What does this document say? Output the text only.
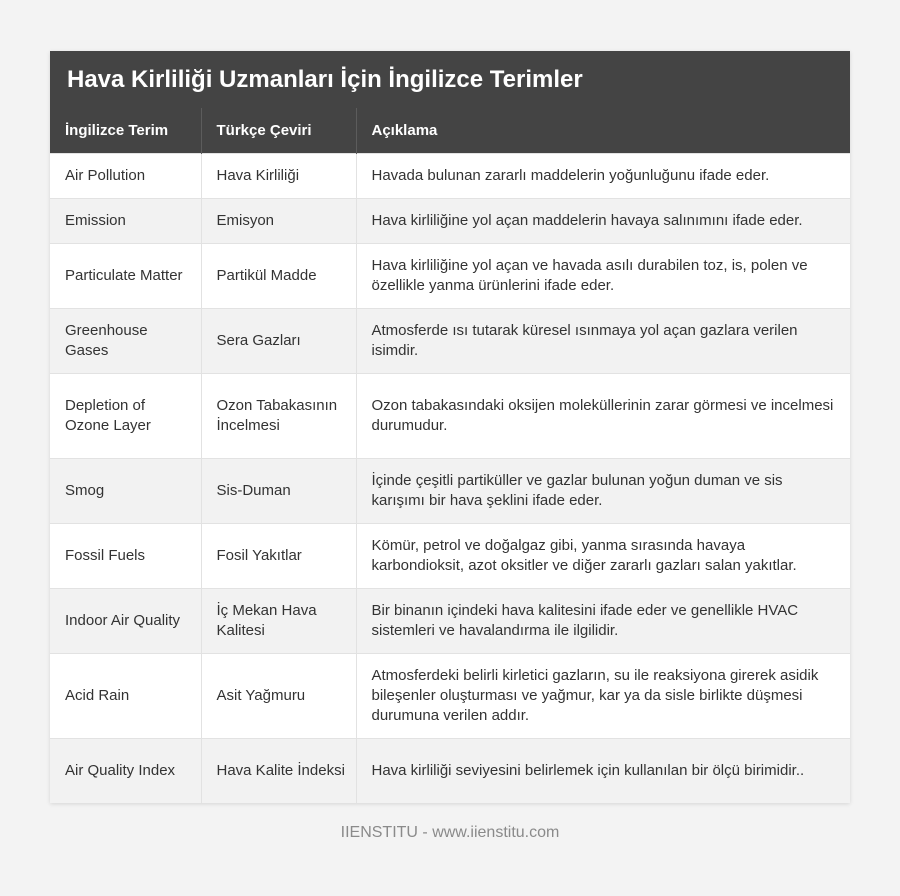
Hava Kirliliği Uzmanları İçin İngilizce Terimler
İngilizce Terim	Türkçe Çeviri	Açıklama
Air Pollution	Hava Kirliliği	Havada bulunan zararlı maddelerin yoğunluğunu ifade eder.
Emission	Emisyon	Hava kirliliğine yol açan maddelerin havaya salınımını ifade eder.
Particulate Matter	Partikül Madde	Hava kirliliğine yol açan ve havada asılı durabilen toz, is, polen ve özellikle yanma ürünlerini ifade eder.
Greenhouse Gases	Sera Gazları	Atmosferde ısı tutarak küresel ısınmaya yol açan gazlara verilen isimdir.
Depletion of Ozone Layer	Ozon Tabakasının İncelmesi	Ozon tabakasındaki oksijen moleküllerinin zarar görmesi ve incelmesi durumudur.
Smog	Sis-Duman	İçinde çeşitli partiküller ve gazlar bulunan yoğun duman ve sis karışımı bir hava şeklini ifade eder.
Fossil Fuels	Fosil Yakıtlar	Kömür, petrol ve doğalgaz gibi, yanma sırasında havaya karbondioksit, azot oksitler ve diğer zararlı gazları salan yakıtlar.
Indoor Air Quality	İç Mekan Hava Kalitesi	Bir binanın içindeki hava kalitesini ifade eder ve genellikle HVAC sistemleri ve havalandırma ile ilgilidir.
Acid Rain	Asit Yağmuru	Atmosferdeki belirli kirletici gazların, su ile reaksiyona girerek asidik bileşenler oluşturması ve yağmur, kar ya da sisle birlikte düşmesi durumuna verilen addır.
Air Quality Index	Hava Kalite İndeksi	Hava kirliliği seviyesini belirlemek için kullanılan bir ölçü birimidir..
IIENSTITU - www.iienstitu.com
